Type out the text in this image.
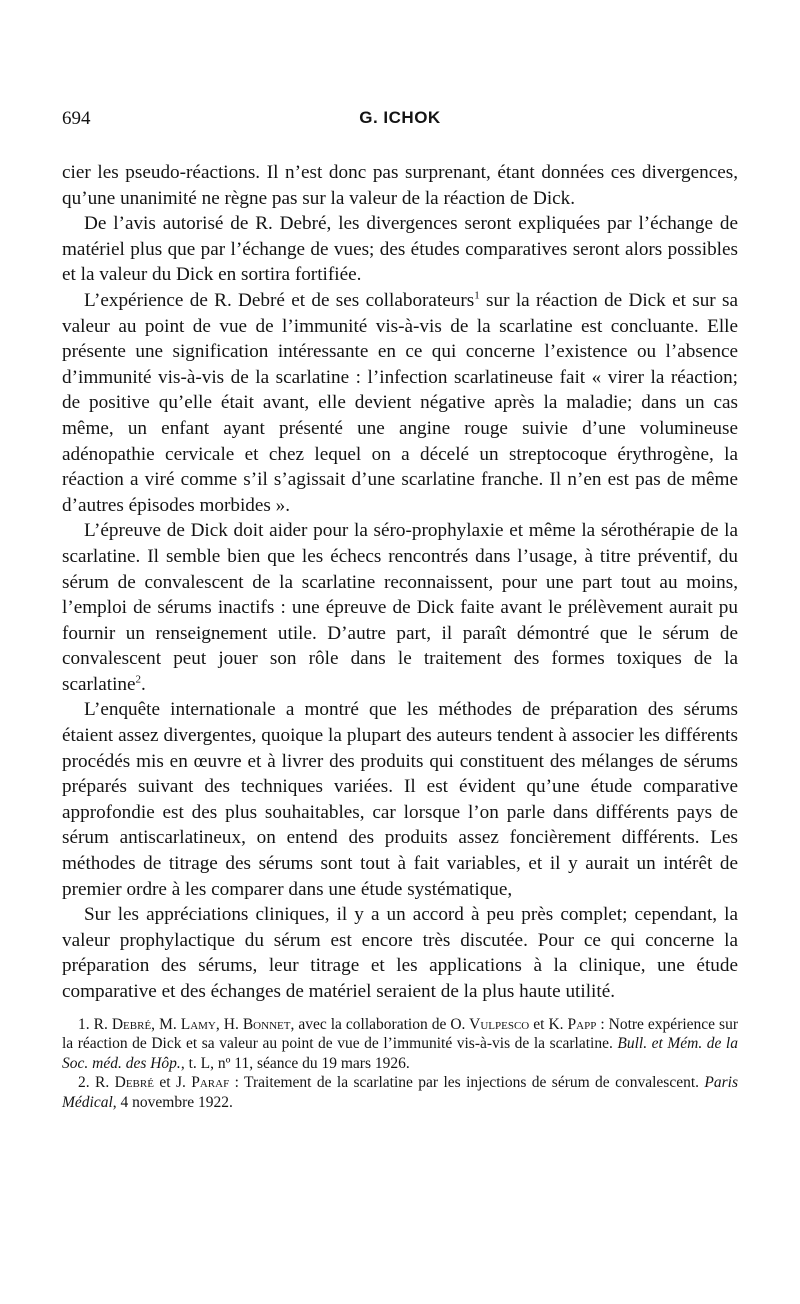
694	G. ICHOK

cier les pseudo-réactions. Il n’est donc pas surprenant, étant données ces divergences, qu’une unanimité ne règne pas sur la valeur de la réaction de Dick.

De l’avis autorisé de R. Debré, les divergences seront expliquées par l’échange de matériel plus que par l’échange de vues; des études comparatives seront alors possibles et la valeur du Dick en sortira fortifiée.

L’expérience de R. Debré et de ses collaborateurs$^1$ sur la réaction de Dick et sur sa valeur au point de vue de l’immunité vis-à-vis de la scarlatine est concluante. Elle présente une signification intéressante en ce qui concerne l’existence ou l’absence d’immunité vis-à-vis de la scarlatine : l’infection scarlatineuse fait « virer la réaction; de positive qu’elle était avant, elle devient négative après la maladie; dans un cas même, un enfant ayant présenté une angine rouge suivie d’une volumineuse adénopathie cervicale et chez lequel on a décelé un streptocoque érythrogène, la réaction a viré comme s’il s’agissait d’une scarlatine franche. Il n’en est pas de même d’autres épisodes morbides ».

L’épreuve de Dick doit aider pour la séro-prophylaxie et même la sérothérapie de la scarlatine. Il semble bien que les échecs rencontrés dans l’usage, à titre préventif, du sérum de convalescent de la scarlatine reconnaissent, pour une part tout au moins, l’emploi de sérums inactifs : une épreuve de Dick faite avant le prélèvement aurait pu fournir un renseignement utile. D’autre part, il paraît démontré que le sérum de convalescent peut jouer son rôle dans le traitement des formes toxiques de la scarlatine$^2$.

L’enquête internationale a montré que les méthodes de préparation des sérums étaient assez divergentes, quoique la plupart des auteurs tendent à associer les différents procédés mis en œuvre et à livrer des produits qui constituent des mélanges de sérums préparés suivant des techniques variées. Il est évident qu’une étude comparative approfondie est des plus souhaitables, car lorsque l’on parle dans différents pays de sérum antiscarlatineux, on entend des produits assez foncièrement différents. Les méthodes de titrage des sérums sont tout à fait variables, et il y aurait un intérêt de premier ordre à les comparer dans une étude systématique,

Sur les appréciations cliniques, il y a un accord à peu près complet; cependant, la valeur prophylactique du sérum est encore très discutée. Pour ce qui concerne la préparation des sérums, leur titrage et les applications à la clinique, une étude comparative et des échanges de matériel seraient de la plus haute utilité.

1. R. Debré, M. Lamy, H. Bonnet, avec la collaboration de O. Vulpesco et K. Papp : Notre expérience sur la réaction de Dick et sa valeur au point de vue de l’immunité vis-à-vis de la scarlatine. Bull. et Mém. de la Soc. méd. des Hôp., t. L, nº 11, séance du 19 mars 1926.

2. R. Debré et J. Paraf : Traitement de la scarlatine par les injections de sérum de convalescent. Paris Médical, 4 novembre 1922.
